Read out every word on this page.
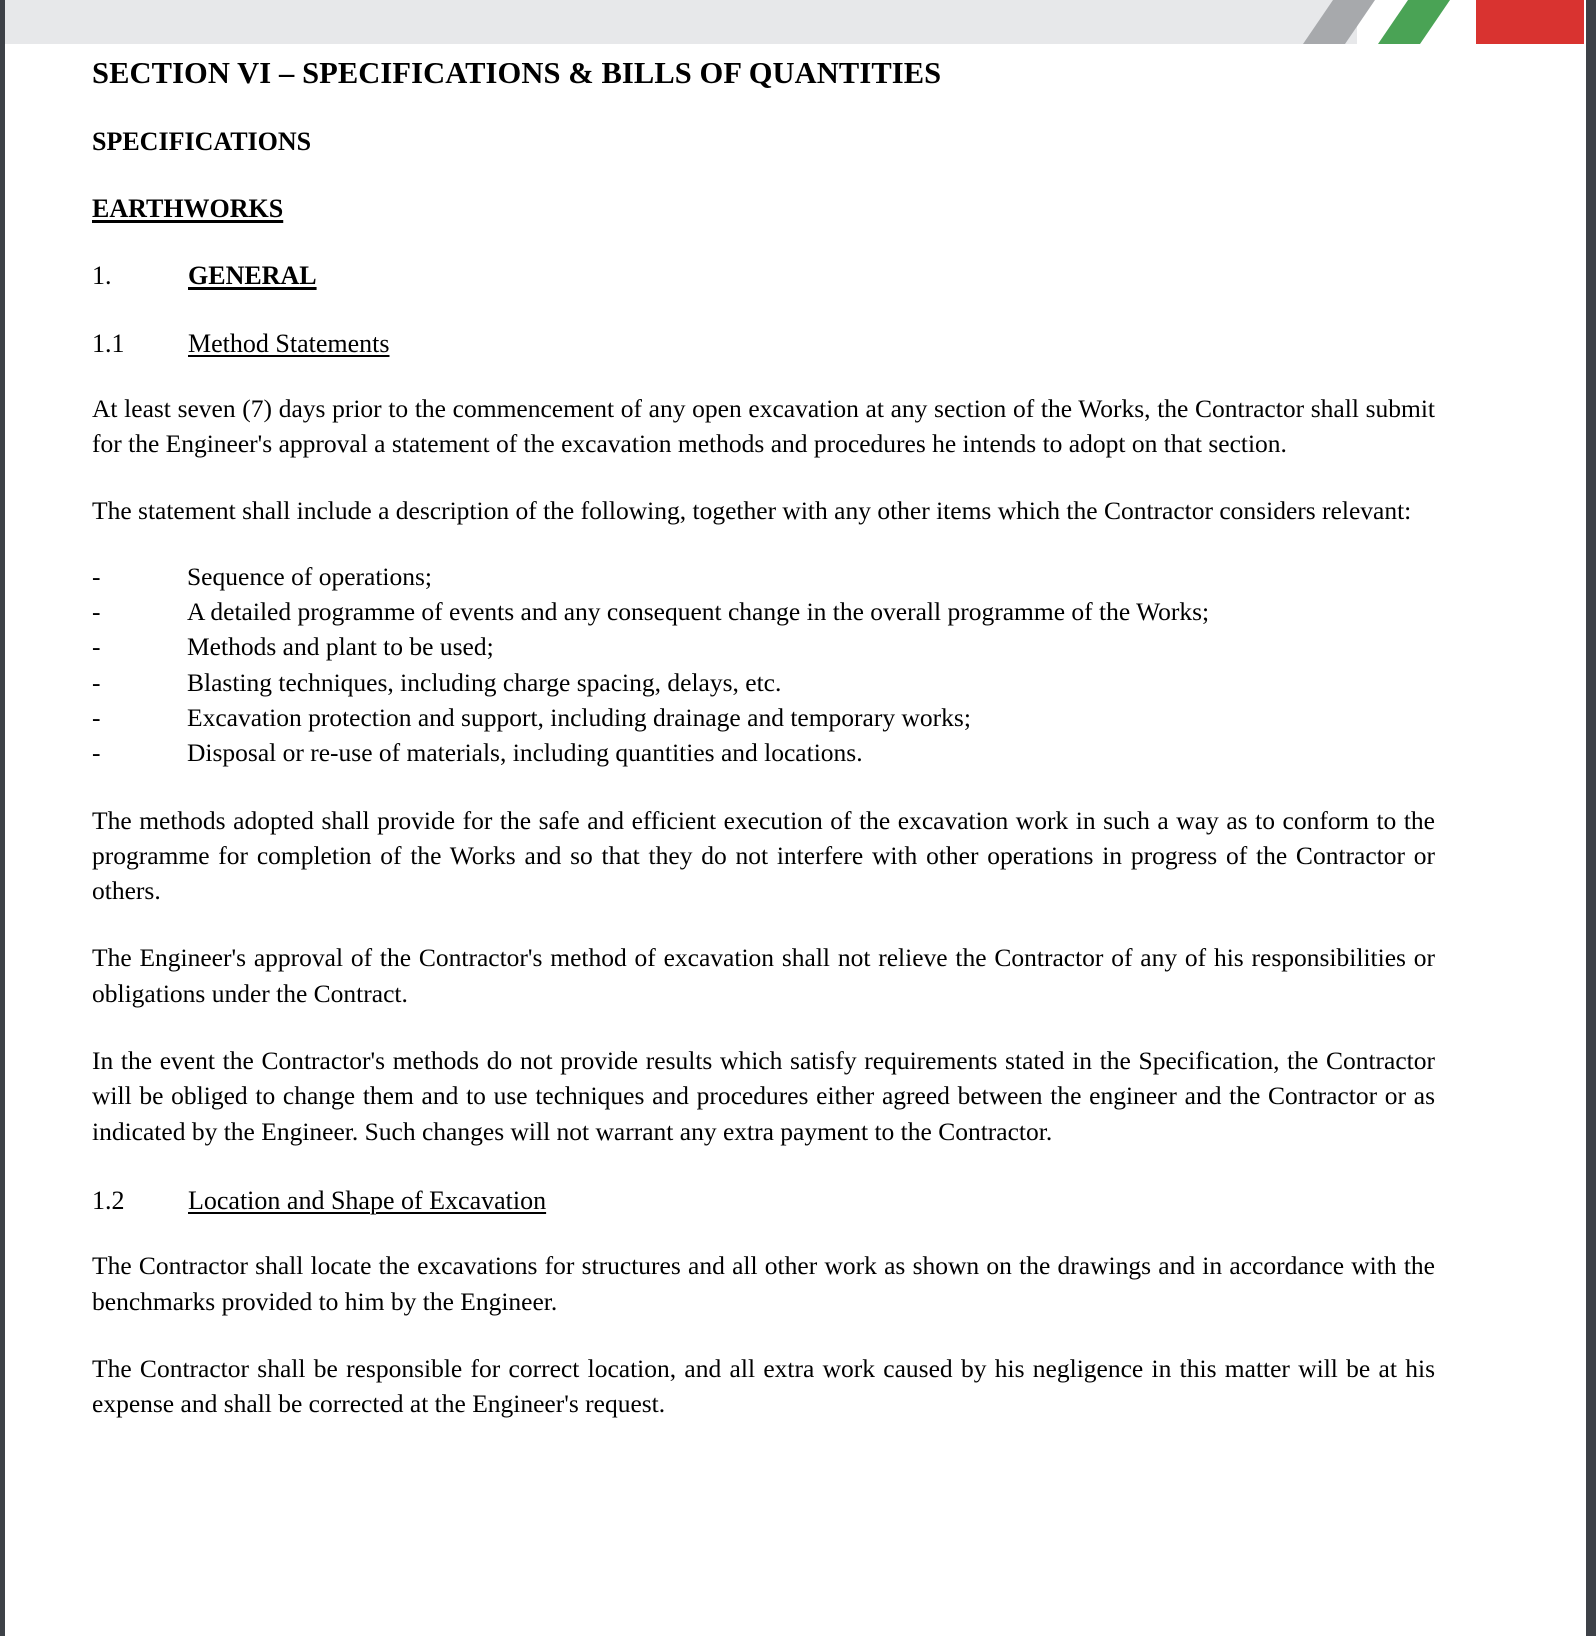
SECTION VI – SPECIFICATIONS & BILLS OF QUANTITIES
SPECIFICATIONS
EARTHWORKS
1.	GENERAL
1.1	Method Statements

At least seven (7) days prior to the commencement of any open excavation at any section of the Works, the Contractor shall submit for the Engineer's approval a statement of the excavation methods and procedures he intends to adopt on that section.

The statement shall include a description of the following, together with any other items which the Contractor considers relevant:

-	Sequence of operations;
-	A detailed programme of events and any consequent change in the overall programme of the Works;
-	Methods and plant to be used;
-	Blasting techniques, including charge spacing, delays, etc.
-	Excavation protection and support, including drainage and temporary works;
-	Disposal or re-use of materials, including quantities and locations.

The methods adopted shall provide for the safe and efficient execution of the excavation work in such a way as to conform to the programme for completion of the Works and so that they do not interfere with other operations in progress of the Contractor or others.

The Engineer's approval of the Contractor's method of excavation shall not relieve the Contractor of any of his responsibilities or obligations under the Contract.

In the event the Contractor's methods do not provide results which satisfy requirements stated in the Specification, the Contractor will be obliged to change them and to use techniques and procedures either agreed between the engineer and the Contractor or as indicated by the Engineer. Such changes will not warrant any extra payment to the Contractor.

1.2	Location and Shape of Excavation

The Contractor shall locate the excavations for structures and all other work as shown on the drawings and in accordance with the benchmarks provided to him by the Engineer.

The Contractor shall be responsible for correct location, and all extra work caused by his negligence in this matter will be at his expense and shall be corrected at the Engineer's request.
